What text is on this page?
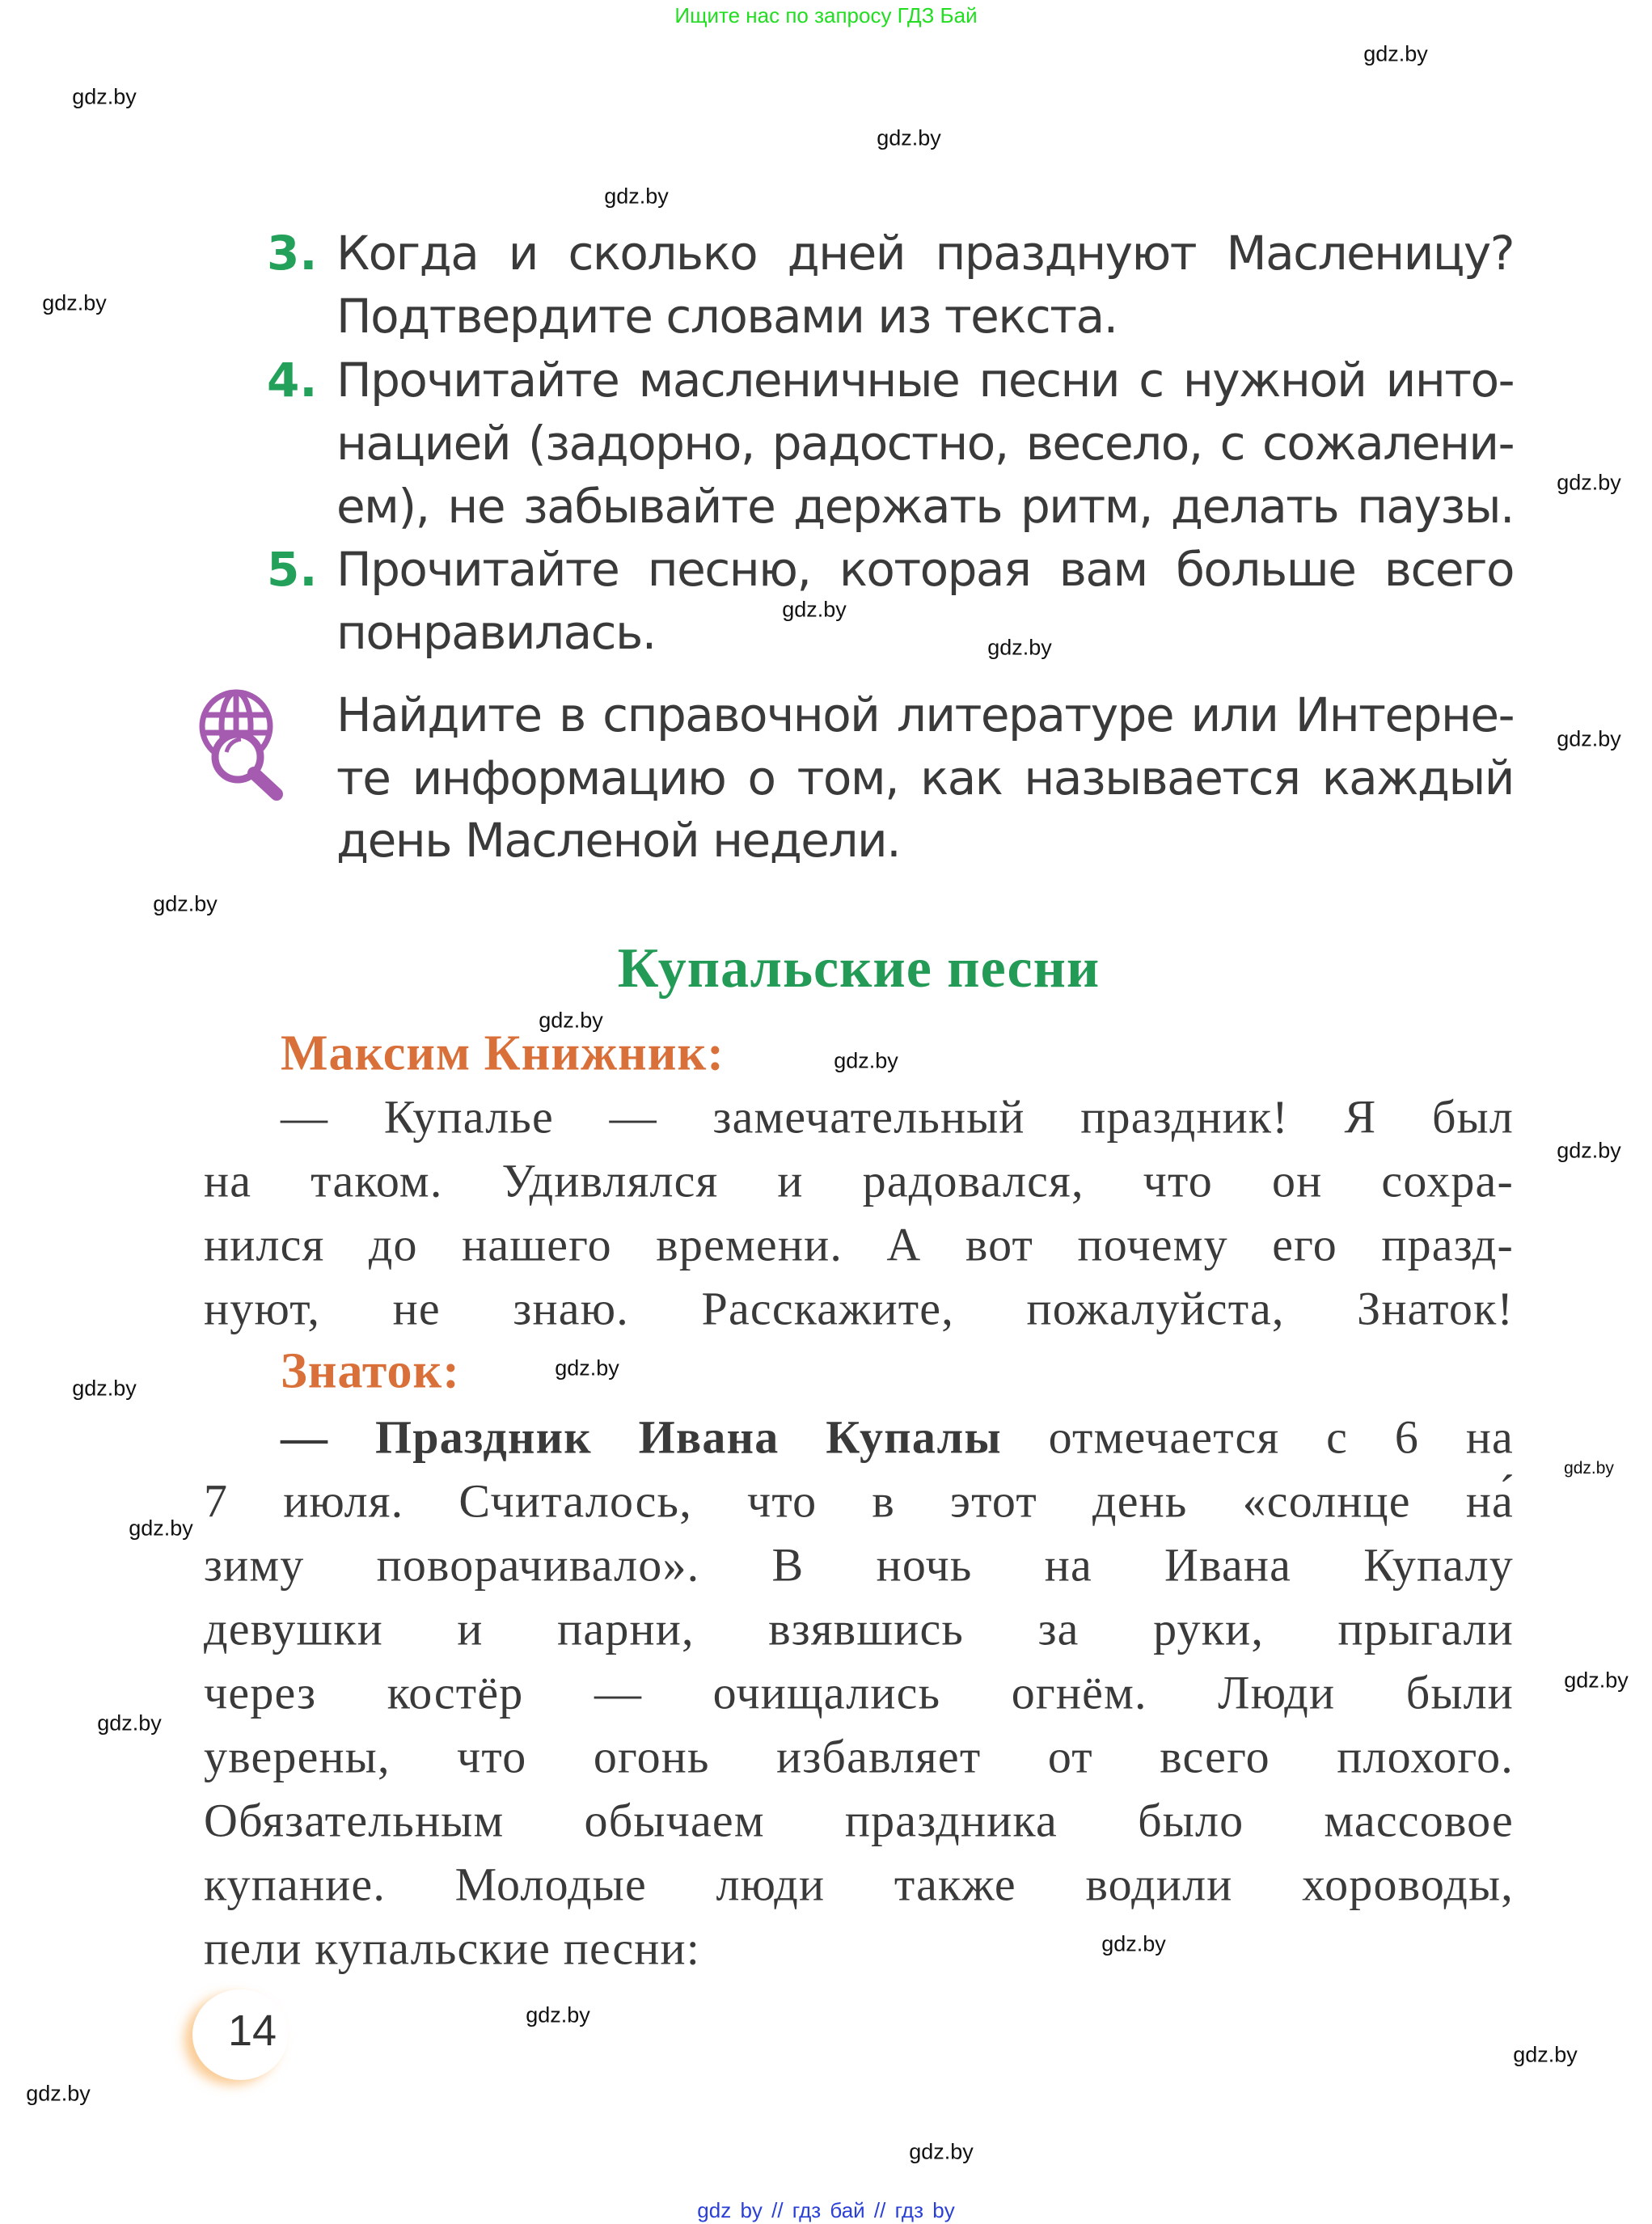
Ищите нас по запросу ГДЗ Бай
3. Когда и сколько дней празднуют Масленицу?
Подтвердите словами из текста.
4. Прочитайте масленичные песни с нужной инто-
нацией (задорно, радостно, весело, с сожалени-
ем), не забывайте держать ритм, делать паузы.
5. Прочитайте песню, которая вам больше всего
понравилась.
Найдите в справочной литературе или Интерне-
те информацию о том, как называется каждый
день Масленой недели.
Купальские песни
Максим Книжник:
— Купалье — замечательный праздник! Я был
на таком. Удивлялся и радовался, что он сохра-
нился до нашего времени. А вот почему его празд-
нуют, не знаю. Расскажите, пожалуйста, Знаток!
Знаток:
— Праздник Ивана Купалы отмечается с 6 на
7 июля. Считалось, что в этот день «солнце на́
зиму поворачивало». В ночь на Ивана Купалу
девушки и парни, взявшись за руки, прыгали
через костёр — очищались огнём. Люди были
уверены, что огонь избавляет от всего плохого.
Обязательным обычаем праздника было массовое
купание. Молодые люди также водили хороводы,
пели купальские песни:
14
gdz by // гдз бай // гдз by
gdz.by
gdz.by
gdz.by
gdz.by
gdz.by
gdz.by
gdz.by
gdz.by
gdz.by
gdz.by
gdz.by
gdz.by
gdz.by
gdz.by
gdz.by
gdz.by
gdz.by
gdz.by
gdz.by
gdz.by
gdz.by
gdz.by
gdz.by
gdz.by
